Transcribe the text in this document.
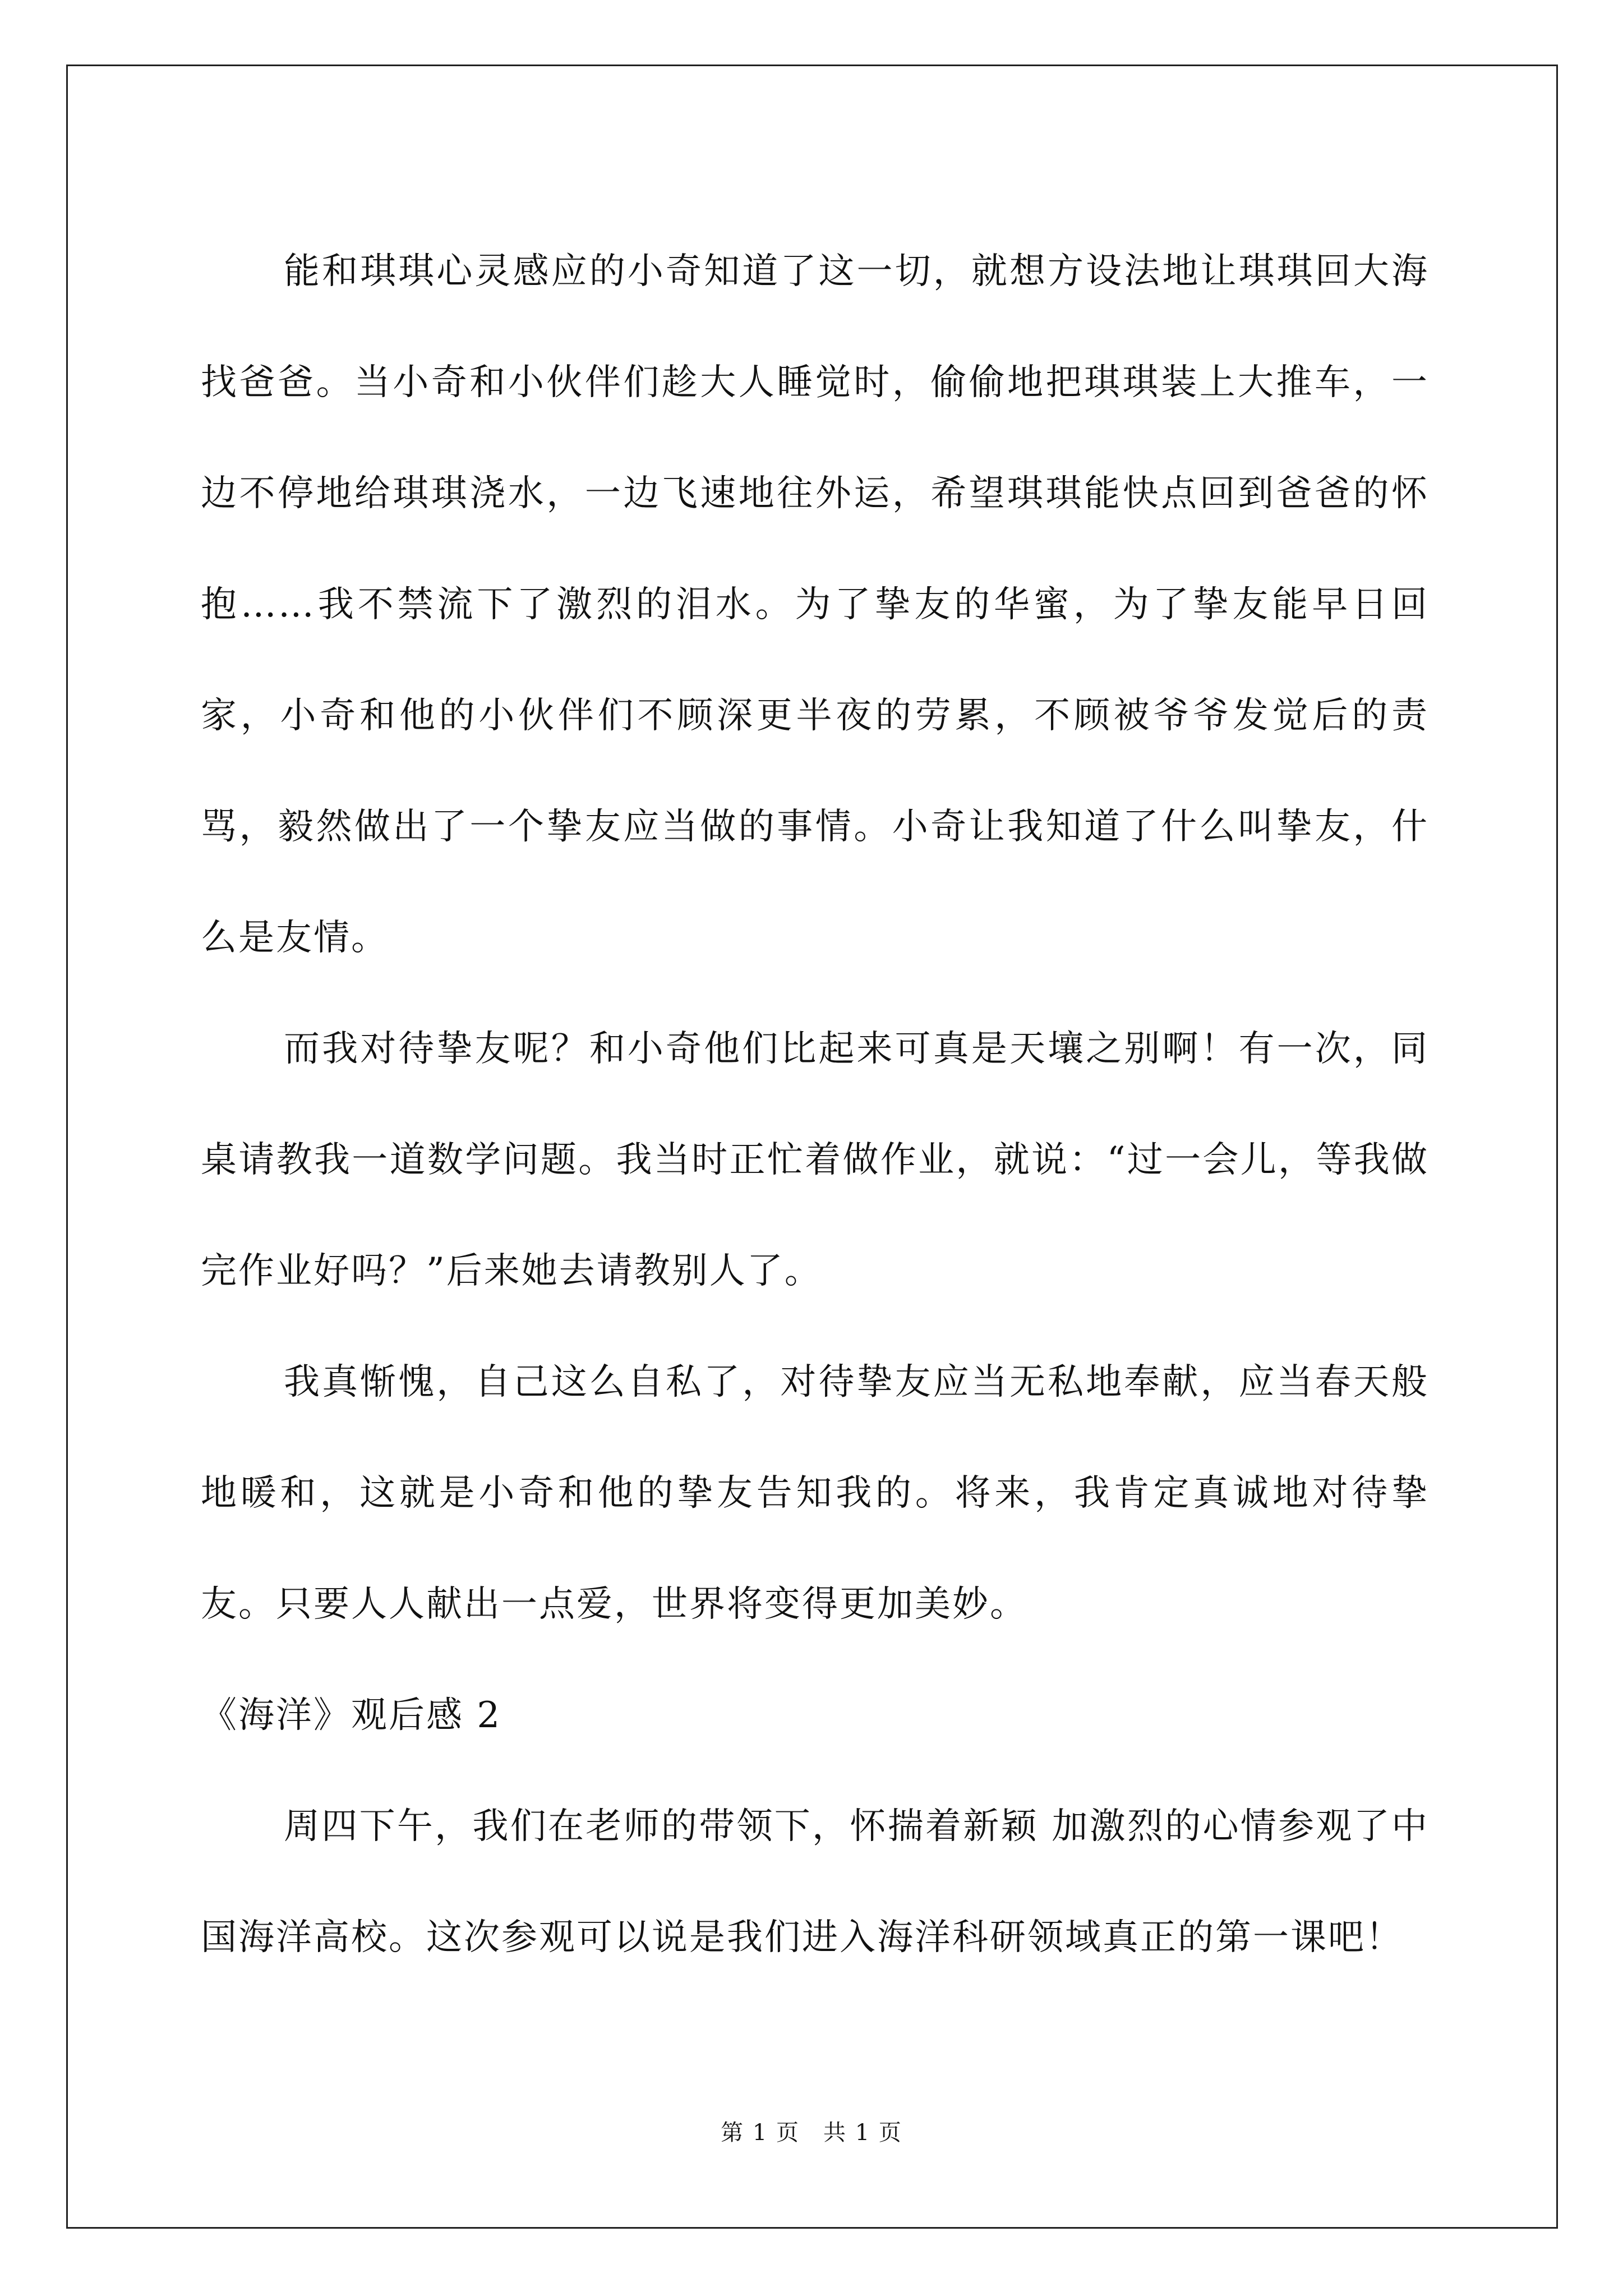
能和琪琪心灵感应的小奇知道了这一切，就想方设法地让琪琪回大海找爸爸。当小奇和小伙伴们趁大人睡觉时，偷偷地把琪琪装上大推车，一边不停地给琪琪浇水，一边飞速地往外运，希望琪琪能快点回到爸爸的怀抱……我不禁流下了激烈的泪水。为了挚友的华蜜，为了挚友能早日回家，小奇和他的小伙伴们不顾深更半夜的劳累，不顾被爷爷发觉后的责骂，毅然做出了一个挚友应当做的事情。小奇让我知道了什么叫挚友，什么是友情。

而我对待挚友呢？和小奇他们比起来可真是天壤之别啊！有一次，同桌请教我一道数学问题。我当时正忙着做作业，就说：“过一会儿，等我做完作业好吗？”后来她去请教别人了。

我真惭愧，自己这么自私了，对待挚友应当无私地奉献，应当春天般地暖和，这就是小奇和他的挚友告知我的。将来，我肯定真诚地对待挚友。只要人人献出一点爱，世界将变得更加美妙。

《海洋》观后感 2

周四下午，我们在老师的带领下，怀揣着新颖 加激烈的心情参观了中国海洋高校。这次参观可以说是我们进入海洋科研领域真正的第一课吧！

第 1 页　共 1 页
